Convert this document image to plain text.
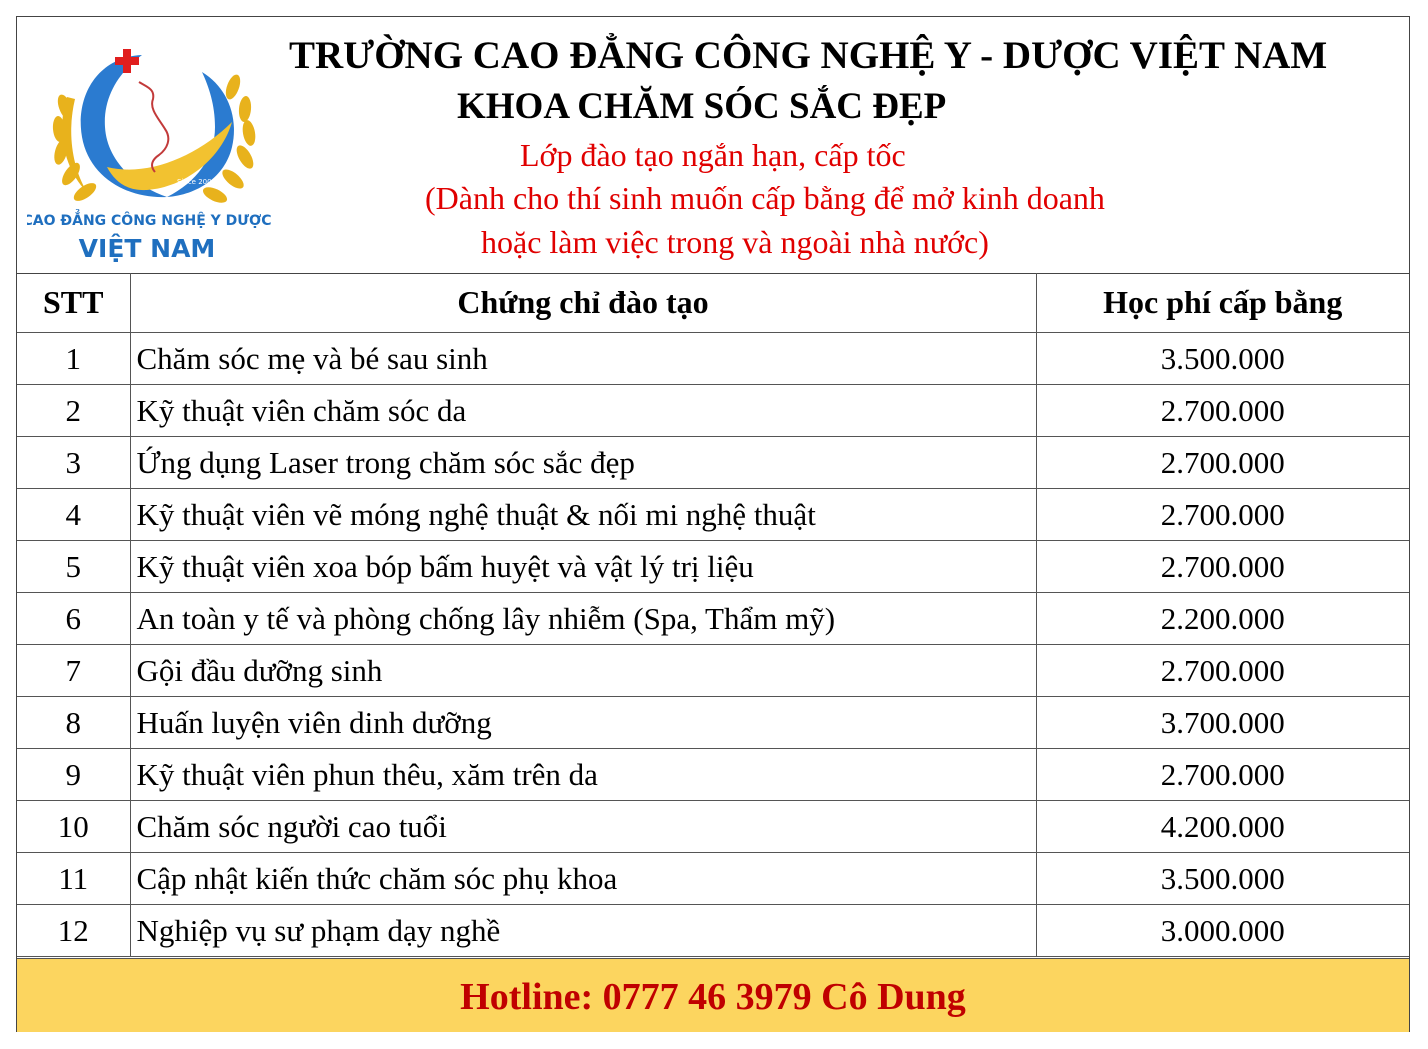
Since 2006
CAO ĐẲNG CÔNG NGHỆ Y DƯỢC
VIỆT NAM
TRƯỜNG CAO ĐẲNG CÔNG NGHỆ Y - DƯỢC VIỆT NAM
KHOA CHĂM SÓC SẮC ĐẸP
Lớp đào tạo ngắn hạn, cấp tốc
(Dành cho thí sinh muốn cấp bằng để mở kinh doanh
hoặc làm việc trong và ngoài nhà nước)
STT	Chứng chỉ đào tạo	Học phí cấp bằng
1	Chăm sóc mẹ và bé sau sinh	3.500.000
2	Kỹ thuật viên chăm sóc da	2.700.000
3	Ứng dụng Laser trong chăm sóc sắc đẹp	2.700.000
4	Kỹ thuật viên vẽ móng nghệ thuật & nối mi nghệ thuật	2.700.000
5	Kỹ thuật viên xoa bóp bấm huyệt và vật lý trị liệu	2.700.000
6	An toàn y tế và phòng chống lây nhiễm (Spa, Thẩm mỹ)	2.200.000
7	Gội đầu dưỡng sinh	2.700.000
8	Huấn luyện viên dinh dưỡng	3.700.000
9	Kỹ thuật viên phun thêu, xăm trên da	2.700.000
10	Chăm sóc người cao tuổi	4.200.000
11	Cập nhật kiến thức chăm sóc phụ khoa	3.500.000
12	Nghiệp vụ sư phạm dạy nghề	3.000.000
Hotline: 0777 46 3979 Cô Dung
